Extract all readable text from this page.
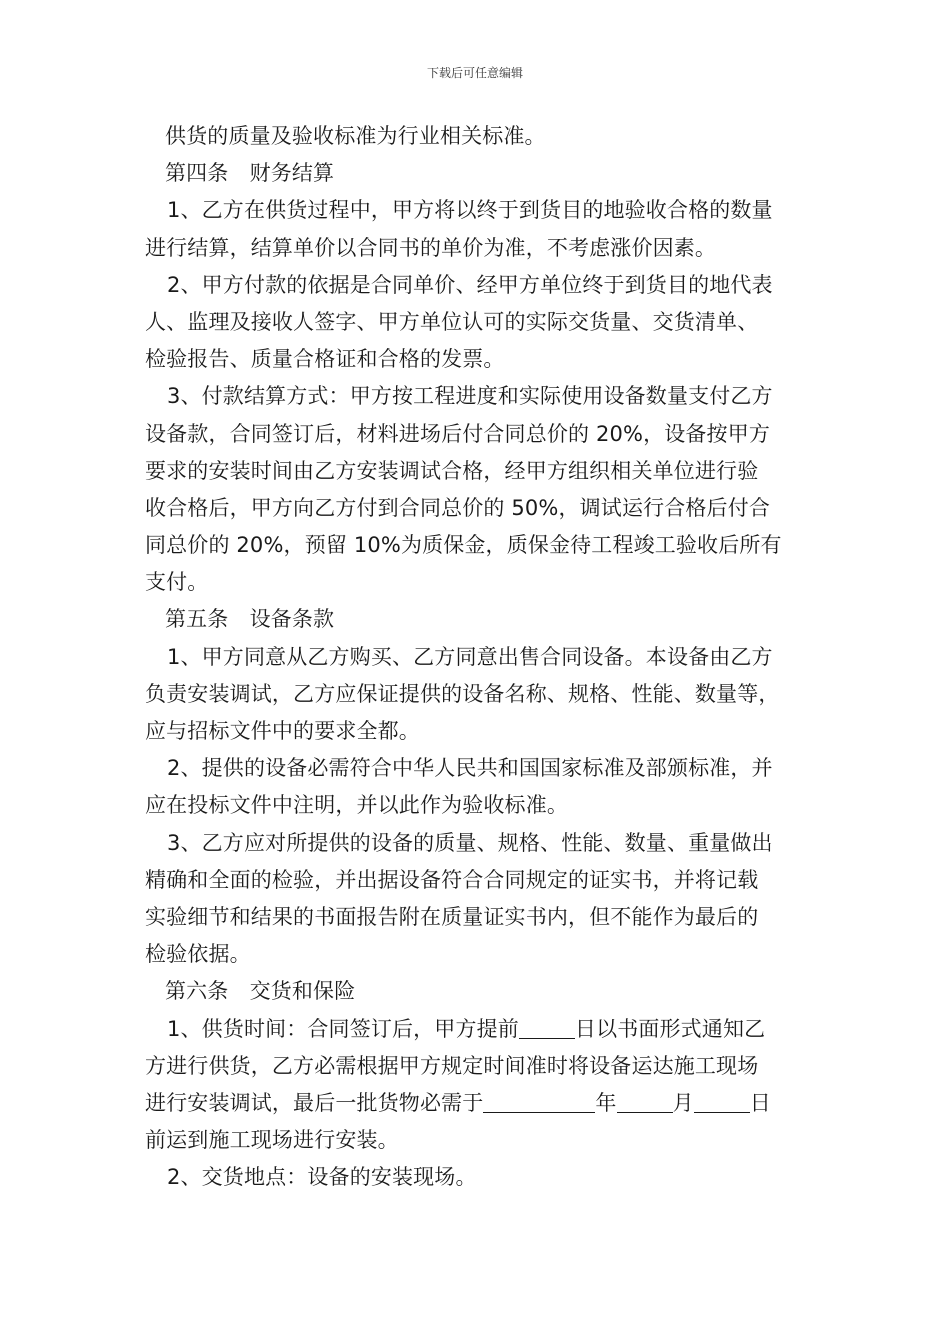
下载后可任意编辑
供货的质量及验收标准为行业相关标准。
第四条　财务结算
1、乙方在供货过程中，甲方将以终于到货目的地验收合格的数量
进行结算，结算单价以合同书的单价为准，不考虑涨价因素。
2、甲方付款的依据是合同单价、经甲方单位终于到货目的地代表
人、监理及接收人签字、甲方单位认可的实际交货量、交货清单、
检验报告、质量合格证和合格的发票。
3、付款结算方式：甲方按工程进度和实际使用设备数量支付乙方
设备款，合同签订后，材料进场后付合同总价的 20%，设备按甲方
要求的安装时间由乙方安装调试合格，经甲方组织相关单位进行验
收合格后，甲方向乙方付到合同总价的 50%，调试运行合格后付合
同总价的 20%，预留 10%为质保金，质保金待工程竣工验收后所有
支付。
第五条　设备条款
1、甲方同意从乙方购买、乙方同意出售合同设备。本设备由乙方
负责安装调试，乙方应保证提供的设备名称、规格、性能、数量等，
应与招标文件中的要求全都。
2、提供的设备必需符合中华人民共和国国家标准及部颁标准，并
应在投标文件中注明，并以此作为验收标准。
3、乙方应对所提供的设备的质量、规格、性能、数量、重量做出
精确和全面的检验，并出据设备符合合同规定的证实书，并将记载
实验细节和结果的书面报告附在质量证实书内，但不能作为最后的
检验依据。
第六条　交货和保险
1、供货时间：合同签订后，甲方提前	日以书面形式通知乙
方进行供货，乙方必需根据甲方规定时间准时将设备运达施工现场
进行安装调试，最后一批货物必需于	年	月	日
前运到施工现场进行安装。
2、交货地点：设备的安装现场。
